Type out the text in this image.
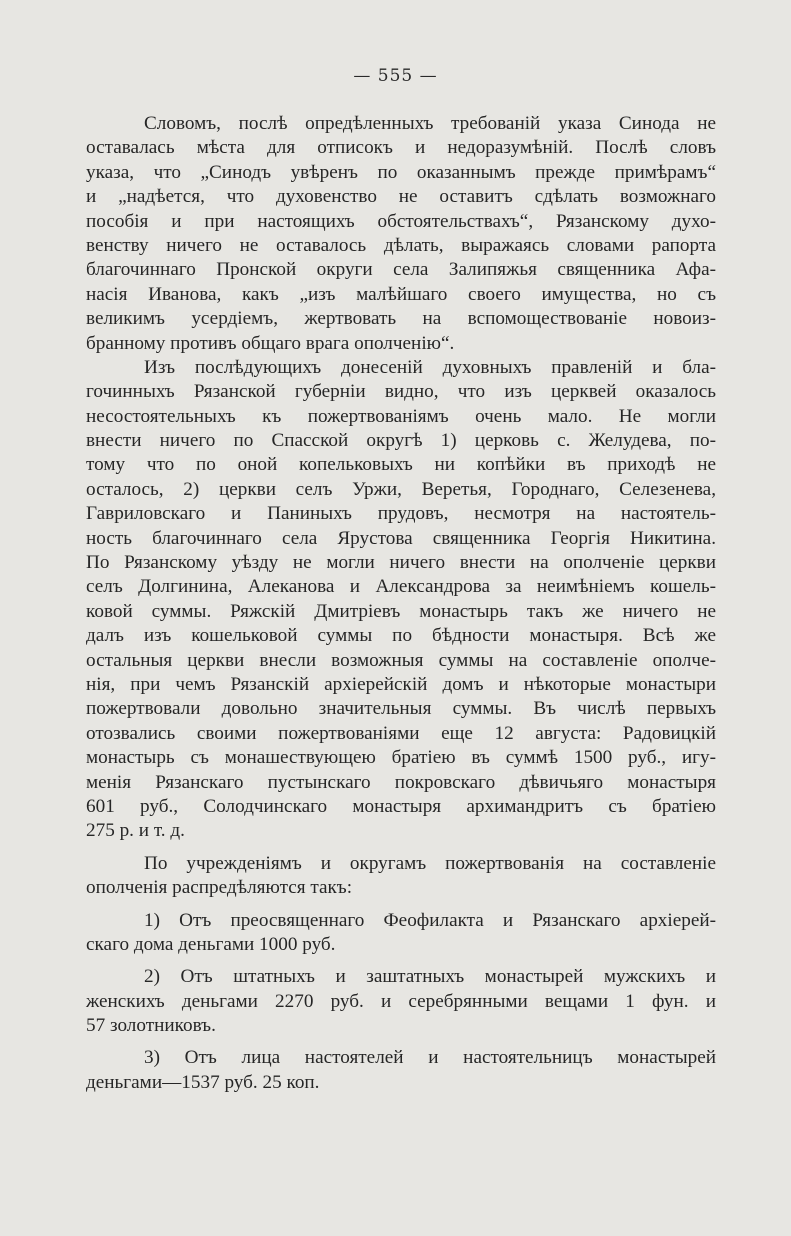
— 555 —
Словомъ, послѣ опредѣленныхъ требованій указа Синода не
оставалась мѣста для отписокъ и недоразумѣній. Послѣ словъ
указа, что „Синодъ увѣренъ по оказаннымъ прежде примѣрамъ“
и „надѣется, что духовенство не оставитъ сдѣлать возможнаго
пособія и при настоящихъ обстоятельствахъ“, Рязанскому духо-
венству ничего не оставалось дѣлать, выражаясь словами рапорта
благочиннаго Пронской округи села Залипяжья священника Афа-
насія Иванова, какъ „изъ малѣйшаго своего имущества, но съ
великимъ усердіемъ, жертвовать на вспомоществованіе новоиз-
бранному противъ общаго врага ополченію“.
Изъ послѣдующихъ донесеній духовныхъ правленій и бла-
гочинныхъ Рязанской губерніи видно, что изъ церквей оказалось
несостоятельныхъ къ пожертвованіямъ очень мало. Не могли
внести ничего по Спасской округѣ 1) церковь с. Желудева, по-
тому что по оной копельковыхъ ни копѣйки въ приходѣ не
осталось, 2) церкви селъ Уржи, Веретья, Городнаго, Селезенева,
Гавриловскаго и Паниныхъ прудовъ, несмотря на настоятель-
ность благочиннаго села Ярустова священника Георгія Никитина.
По Рязанскому уѣзду не могли ничего внести на ополченіе церкви
селъ Долгинина, Алеканова и Александрова за неимѣніемъ кошель-
ковой суммы. Ряжскій Дмитріевъ монастырь такъ же ничего не
далъ изъ кошельковой суммы по бѣдности монастыря. Всѣ же
остальныя церкви внесли возможныя суммы на составленіе ополче-
нія, при чемъ Рязанскій архіерейскій домъ и нѣкоторые монастыри
пожертвовали довольно значительныя суммы. Въ числѣ первыхъ
отозвались своими пожертвованіями еще 12 августа: Радовицкій
монастырь съ монашествующею братіею въ суммѣ 1500 руб., игу-
менія Рязанскаго пустынскаго покровскаго дѣвичьяго монастыря
601 руб., Солодчинскаго монастыря архимандритъ съ братіею
275 р. и т. д.
По учрежденіямъ и округамъ пожертвованія на составленіе
ополченія распредѣляются такъ:
1) Отъ преосвященнаго Феофилакта и Рязанскаго архіерей-
скаго дома деньгами 1000 руб.
2) Отъ штатныхъ и заштатныхъ монастырей мужскихъ и
женскихъ деньгами 2270 руб. и серебрянными вещами 1 фун. и
57 золотниковъ.
3) Отъ лица настоятелей и настоятельницъ монастырей
деньгами—1537 руб. 25 коп.
